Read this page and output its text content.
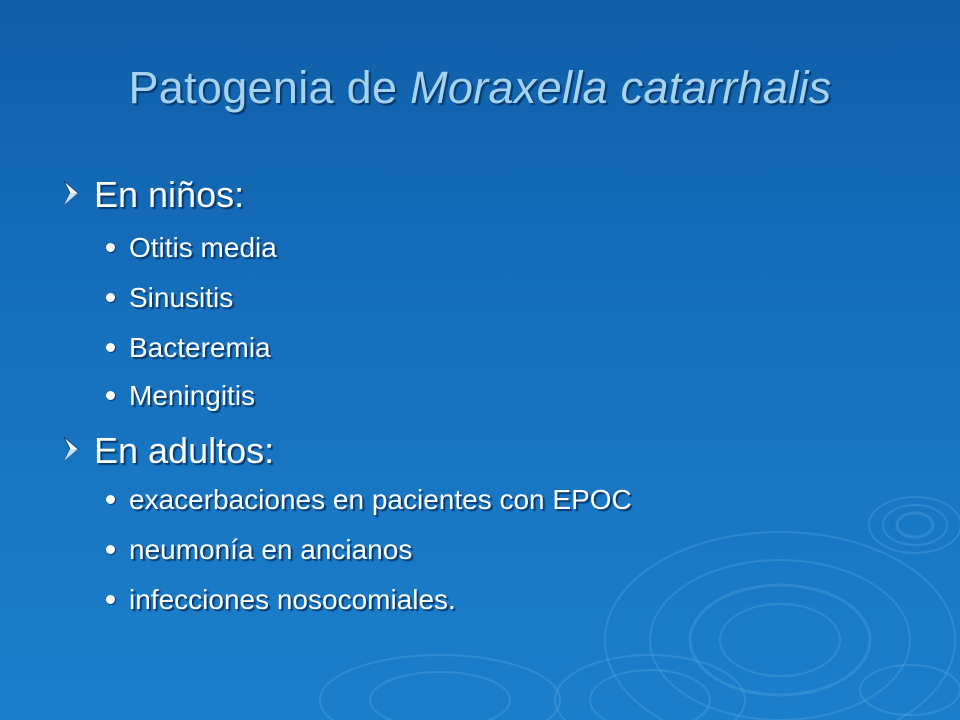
Patogenia de Moraxella catarrhalis
En niños:
Otitis media
Sinusitis
Bacteremia
Meningitis
En adultos:
exacerbaciones en pacientes con EPOC
neumonía en ancianos
infecciones nosocomiales.
